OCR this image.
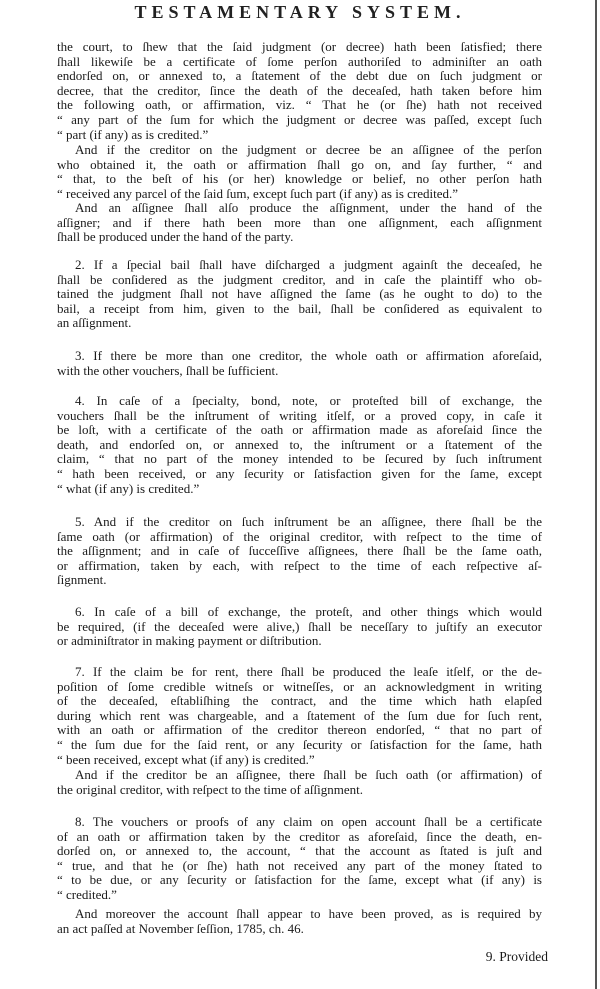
TESTAMENTARY SYSTEM.
the court, to ſhew that the ſaid judgment (or decree) hath been ſatisfied; there
ſhall likewiſe be a certificate of ſome perſon authoriſed to adminiſter an oath
endorſed on, or annexed to, a ſtatement of the debt due on ſuch judgment or
decree, that the creditor, ſince the death of the deceaſed, hath taken before him
the following oath, or affirmation, viz. “ That he (or ſhe) hath not received
“ any part of the ſum for which the judgment or decree was paſſed, except ſuch
“ part (if any) as is credited.”
And if the creditor on the judgment or decree be an aſſignee of the perſon
who obtained it, the oath or affirmation ſhall go on, and ſay further, “ and
“ that, to the beſt of his (or her) knowledge or belief, no other perſon hath
“ received any parcel of the ſaid ſum, except ſuch part (if any) as is credited.”
And an aſſignee ſhall alſo produce the aſſignment, under the hand of the
aſſigner; and if there hath been more than one aſſignment, each aſſignment
ſhall be produced under the hand of the party.
2. If a ſpecial bail ſhall have diſcharged a judgment againſt the deceaſed, he
ſhall be conſidered as the judgment creditor, and in caſe the plaintiff who ob-
tained the judgment ſhall not have aſſigned the ſame (as he ought to do) to the
bail, a receipt from him, given to the bail, ſhall be conſidered as equivalent to
an aſſignment.
3. If there be more than one creditor, the whole oath or affirmation aforeſaid,
with the other vouchers, ſhall be ſufficient.
4. In caſe of a ſpecialty, bond, note, or proteſted bill of exchange, the
vouchers ſhall be the inſtrument of writing itſelf, or a proved copy, in caſe it
be loſt, with a certificate of the oath or affirmation made as aforeſaid ſince the
death, and endorſed on, or annexed to, the inſtrument or a ſtatement of the
claim, “ that no part of the money intended to be ſecured by ſuch inſtrument
“ hath been received, or any ſecurity or ſatisfaction given for the ſame, except
“ what (if any) is credited.”
5. And if the creditor on ſuch inſtrument be an aſſignee, there ſhall be the
ſame oath (or affirmation) of the original creditor, with reſpect to the time of
the aſſignment; and in caſe of ſucceſſive aſſignees, there ſhall be the ſame oath,
or affirmation, taken by each, with reſpect to the time of each reſpective aſ-
ſignment.
6. In caſe of a bill of exchange, the proteſt, and other things which would
be required, (if the deceaſed were alive,) ſhall be neceſſary to juſtify an executor
or adminiſtrator in making payment or diſtribution.
7. If the claim be for rent, there ſhall be produced the leaſe itſelf, or the de-
poſition of ſome credible witneſs or witneſſes, or an acknowledgment in writing
of the deceaſed, eſtabliſhing the contract, and the time which hath elapſed
during which rent was chargeable, and a ſtatement of the ſum due for ſuch rent,
with an oath or affirmation of the creditor thereon endorſed, “ that no part of
“ the ſum due for the ſaid rent, or any ſecurity or ſatisfaction for the ſame, hath
“ been received, except what (if any) is credited.”
And if the creditor be an aſſignee, there ſhall be ſuch oath (or affirmation) of
the original creditor, with reſpect to the time of aſſignment.
8. The vouchers or proofs of any claim on open account ſhall be a certificate
of an oath or affirmation taken by the creditor as aforeſaid, ſince the death, en-
dorſed on, or annexed to, the account, “ that the account as ſtated is juſt and
“ true, and that he (or ſhe) hath not received any part of the money ſtated to
“ to be due, or any ſecurity or ſatisfaction for the ſame, except what (if any) is
“ credited.”
And moreover the account ſhall appear to have been proved, as is required by
an act paſſed at November ſeſſion, 1785, ch. 46.
9. Provided
